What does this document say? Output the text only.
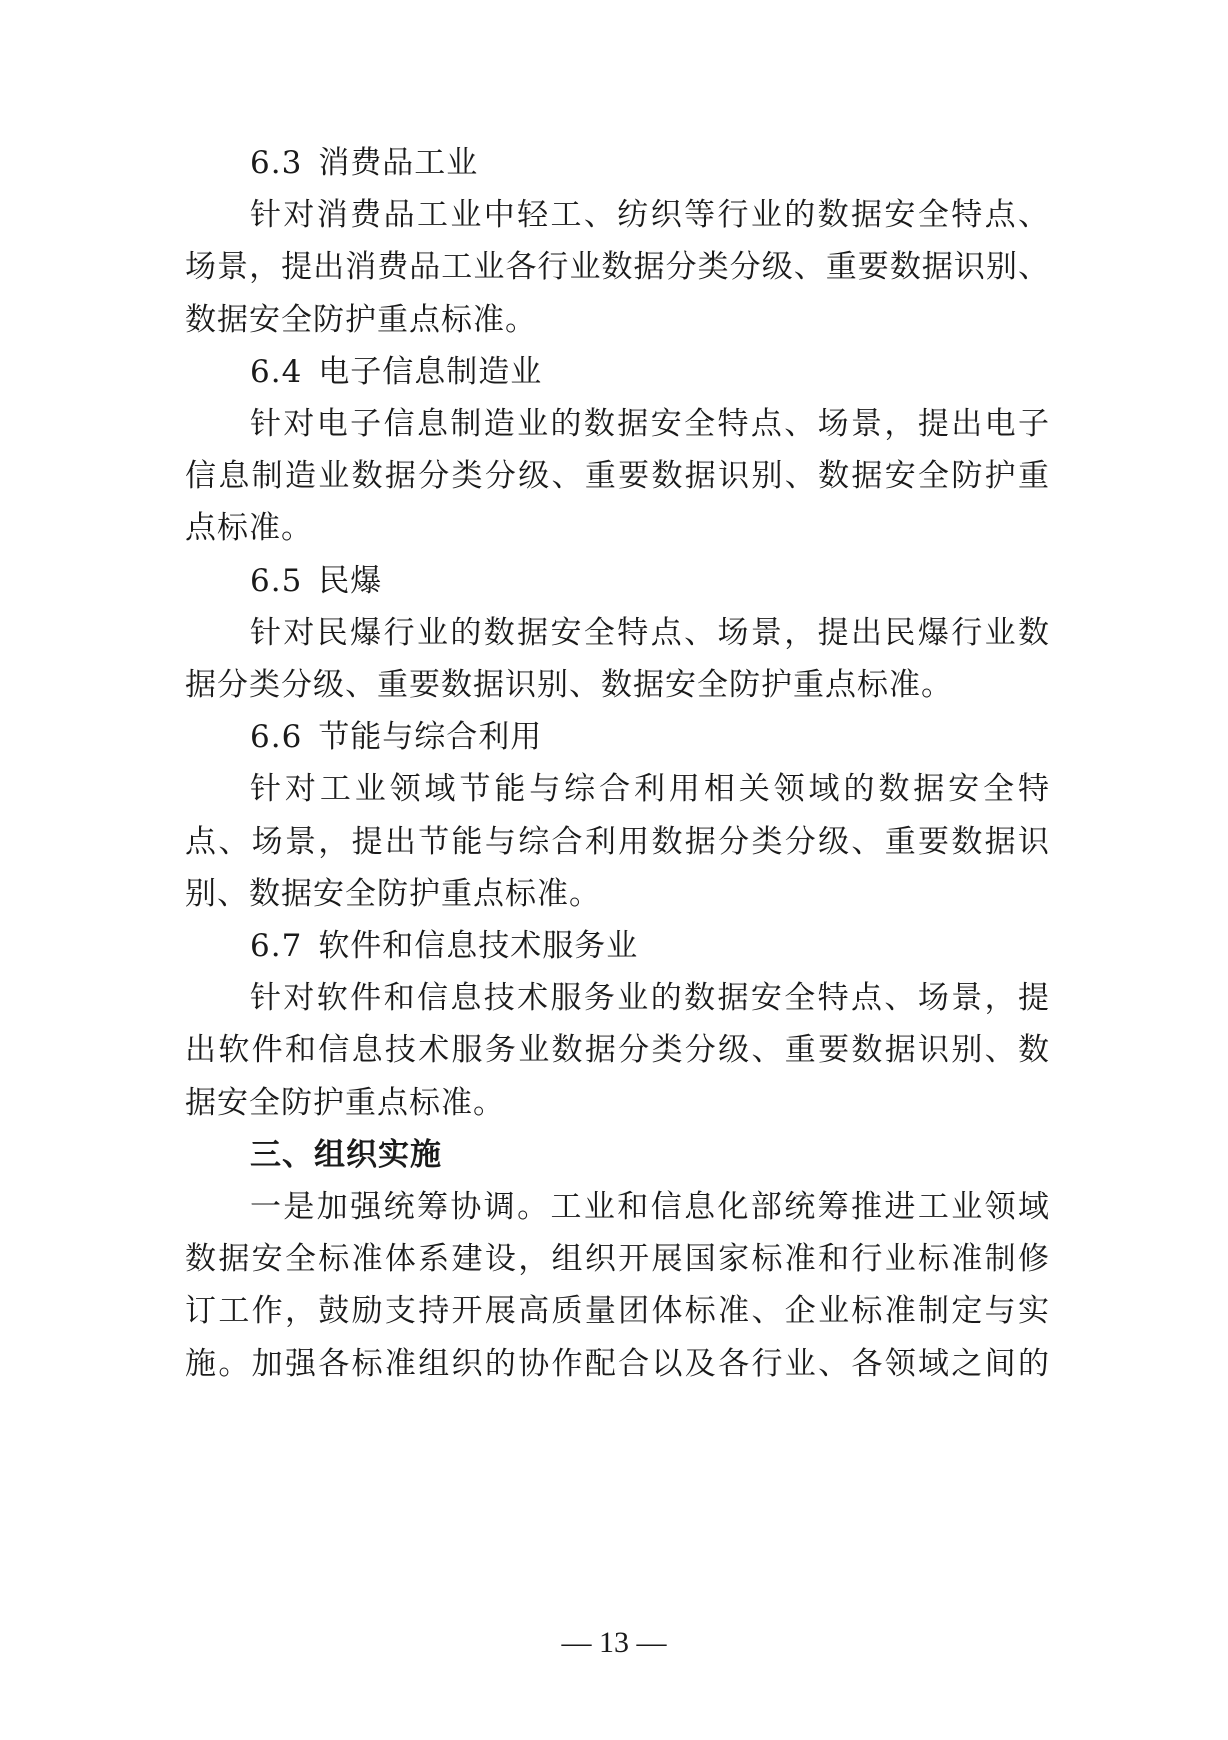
6.3 消费品工业
针对消费品工业中轻工、纺织等行业的数据安全特点、
场景，提出消费品工业各行业数据分类分级、重要数据识别、
数据安全防护重点标准。
6.4 电子信息制造业
针对电子信息制造业的数据安全特点、场景，提出电子
信息制造业数据分类分级、重要数据识别、数据安全防护重
点标准。
6.5 民爆
针对民爆行业的数据安全特点、场景，提出民爆行业数
据分类分级、重要数据识别、数据安全防护重点标准。
6.6 节能与综合利用
针对工业领域节能与综合利用相关领域的数据安全特
点、场景，提出节能与综合利用数据分类分级、重要数据识
别、数据安全防护重点标准。
6.7 软件和信息技术服务业
针对软件和信息技术服务业的数据安全特点、场景，提
出软件和信息技术服务业数据分类分级、重要数据识别、数
据安全防护重点标准。
三、组织实施
一是加强统筹协调。工业和信息化部统筹推进工业领域
数据安全标准体系建设，组织开展国家标准和行业标准制修
订工作，鼓励支持开展高质量团体标准、企业标准制定与实
施。加强各标准组织的协作配合以及各行业、各领域之间的
— 13 —
